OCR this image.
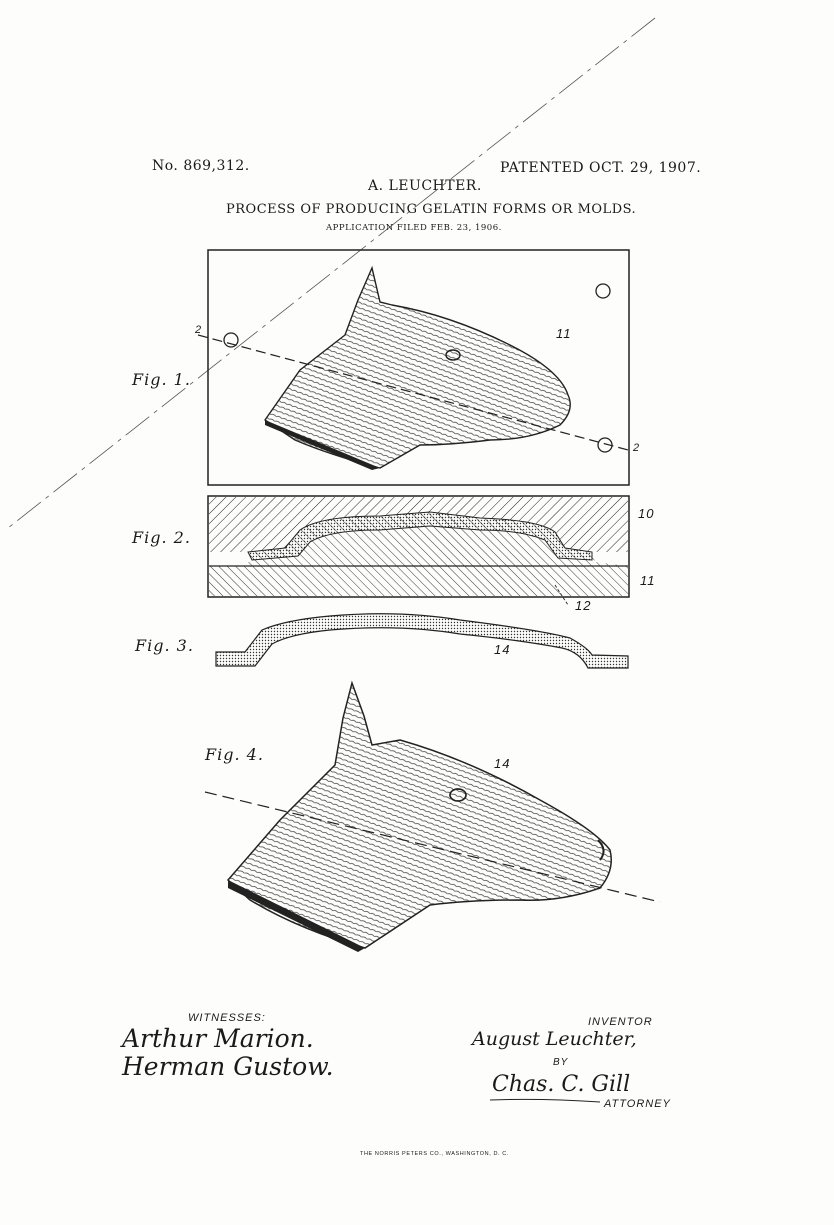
No. 869,312.	PATENTED OCT. 29, 1907.
A. LEUCHTER.
PROCESS OF PRODUCING GELATIN FORMS OR MOLDS.
APPLICATION FILED FEB. 23, 1906.
Fig. 1.
11
2
2
Fig. 2.
10
11
12
Fig. 3.	14
Fig. 4.	14
WITNESSES:
Arthur Marion.
Herman Gustow.
INVENTOR
August Leuchter,
BY
Chas. C. Gill
ATTORNEY
THE NORRIS PETERS CO., WASHINGTON, D. C.
